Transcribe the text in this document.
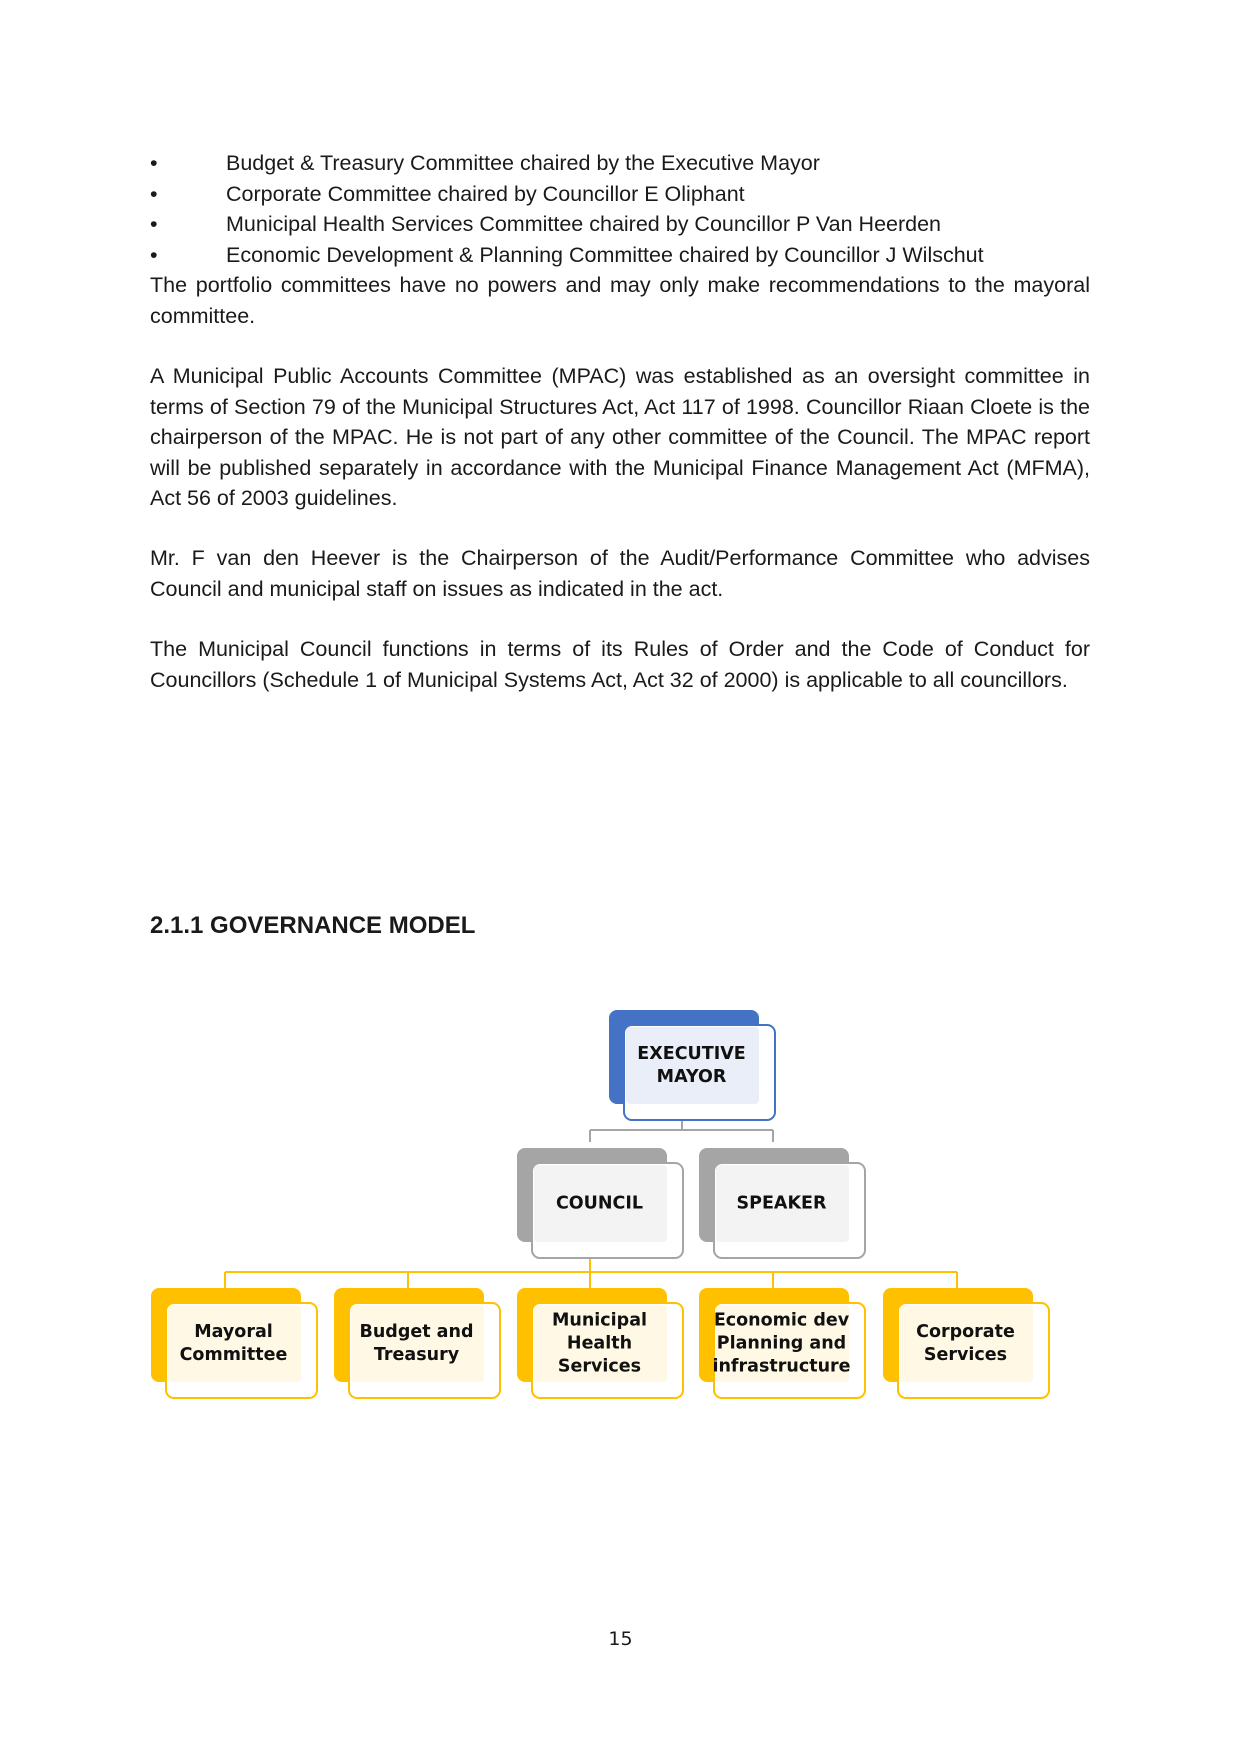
•	Budget & Treasury Committee chaired by the Executive Mayor
•	Corporate Committee chaired by Councillor E Oliphant
•	Municipal Health Services Committee chaired by Councillor P Van Heerden
•	Economic Development & Planning Committee chaired by Councillor J Wilschut

The portfolio committees have no powers and may only make recommendations to the mayoral committee.

A Municipal Public Accounts Committee (MPAC) was established as an oversight committee in terms of Section 79 of the Municipal Structures Act, Act 117 of 1998. Councillor Riaan Cloete is the chairperson of the MPAC. He is not part of any other committee of the Council. The MPAC report will be published separately in accordance with the Municipal Finance Management Act (MFMA), Act 56 of 2003 guidelines.

Mr. F van den Heever is the Chairperson of the Audit/Performance Committee who advises Council and municipal staff on issues as indicated in the act.

The Municipal Council functions in terms of its Rules of Order and the Code of Conduct for Councillors (Schedule 1 of Municipal Systems Act, Act 32 of 2000) is applicable to all councillors.

2.1.1 GOVERNANCE MODEL
EXECUTIVE
MAYOR
COUNCIL	SPEAKER
Mayoral
Committee
Budget and
Treasury
Municipal
Health
Services
Economic dev
Planning and
infrastructure
Corporate
Services
15
